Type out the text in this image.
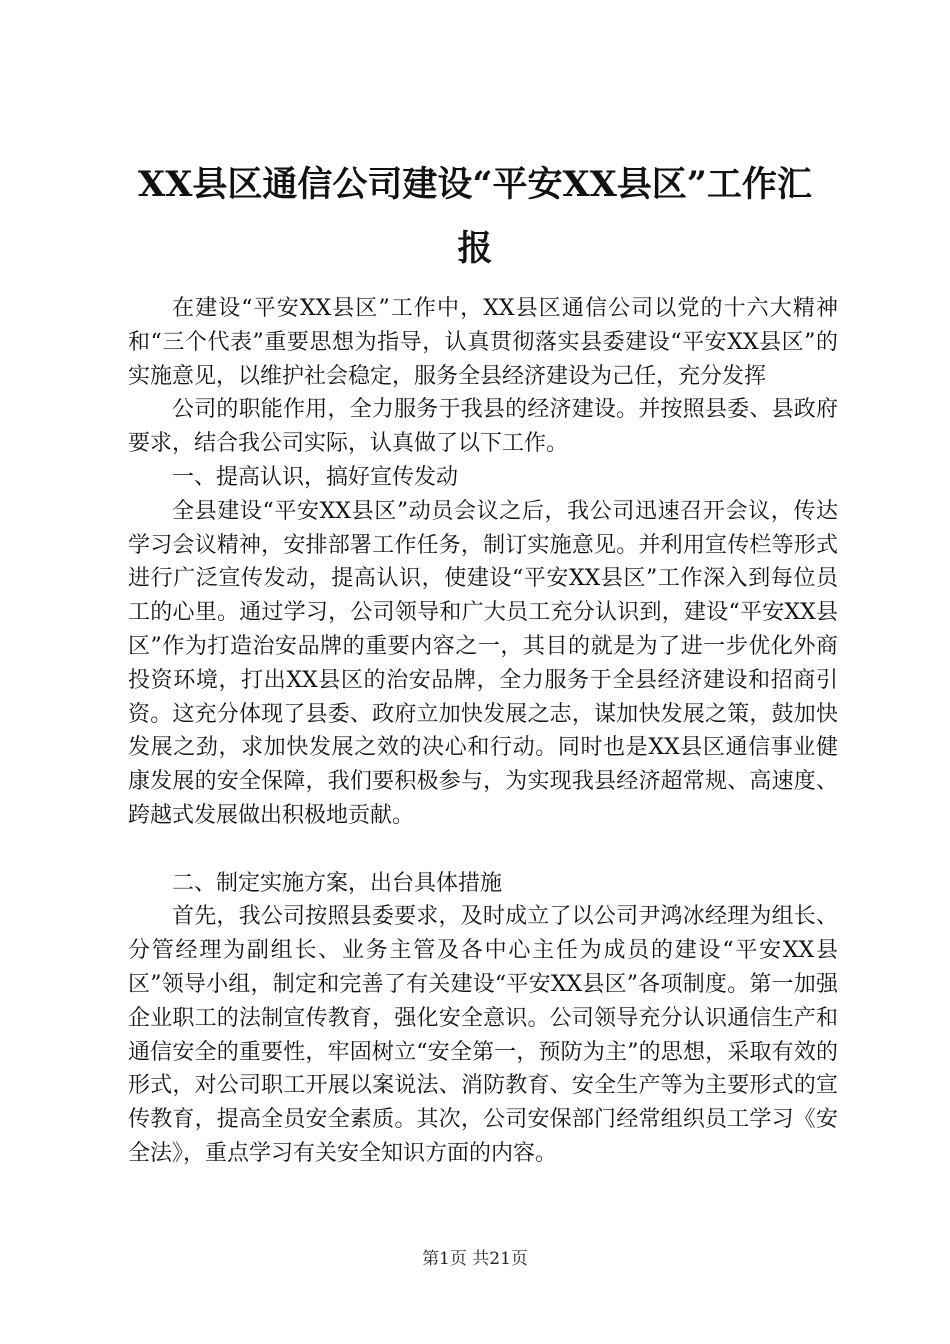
XX县区通信公司建设“平安XX县区”工作汇
报

在建设“平安XX县区”工作中，XX县区通信公司以党的十六大精神和“三个代表”重要思想为指导，认真贯彻落实县委建设“平安XX县区”的实施意见，以维护社会稳定，服务全县经济建设为己任，充分发挥

公司的职能作用，全力服务于我县的经济建设。并按照县委、县政府要求，结合我公司实际，认真做了以下工作。

一、提高认识，搞好宣传发动

全县建设“平安XX县区”动员会议之后，我公司迅速召开会议，传达学习会议精神，安排部署工作任务，制订实施意见。并利用宣传栏等形式进行广泛宣传发动，提高认识，使建设“平安XX县区”工作深入到每位员工的心里。通过学习，公司领导和广大员工充分认识到，建设“平安XX县区”作为打造治安品牌的重要内容之一，其目的就是为了进一步优化外商投资环境，打出XX县区的治安品牌，全力服务于全县经济建设和招商引资。这充分体现了县委、政府立加快发展之志，谋加快发展之策，鼓加快发展之劲，求加快发展之效的决心和行动。同时也是XX县区通信事业健康发展的安全保障，我们要积极参与，为实现我县经济超常规、高速度、跨越式发展做出积极地贡献。

二、制定实施方案，出台具体措施

首先，我公司按照县委要求，及时成立了以公司尹鸿冰经理为组长、分管经理为副组长、业务主管及各中心主任为成员的建设“平安XX县区”领导小组，制定和完善了有关建设“平安XX县区”各项制度。第一加强企业职工的法制宣传教育，强化安全意识。公司领导充分认识通信生产和通信安全的重要性，牢固树立“安全第一，预防为主”的思想，采取有效的形式，对公司职工开展以案说法、消防教育、安全生产等为主要形式的宣传教育，提高全员安全素质。其次，公司安保部门经常组织员工学习《安全法》，重点学习有关安全知识方面的内容。

第1页 共21页
